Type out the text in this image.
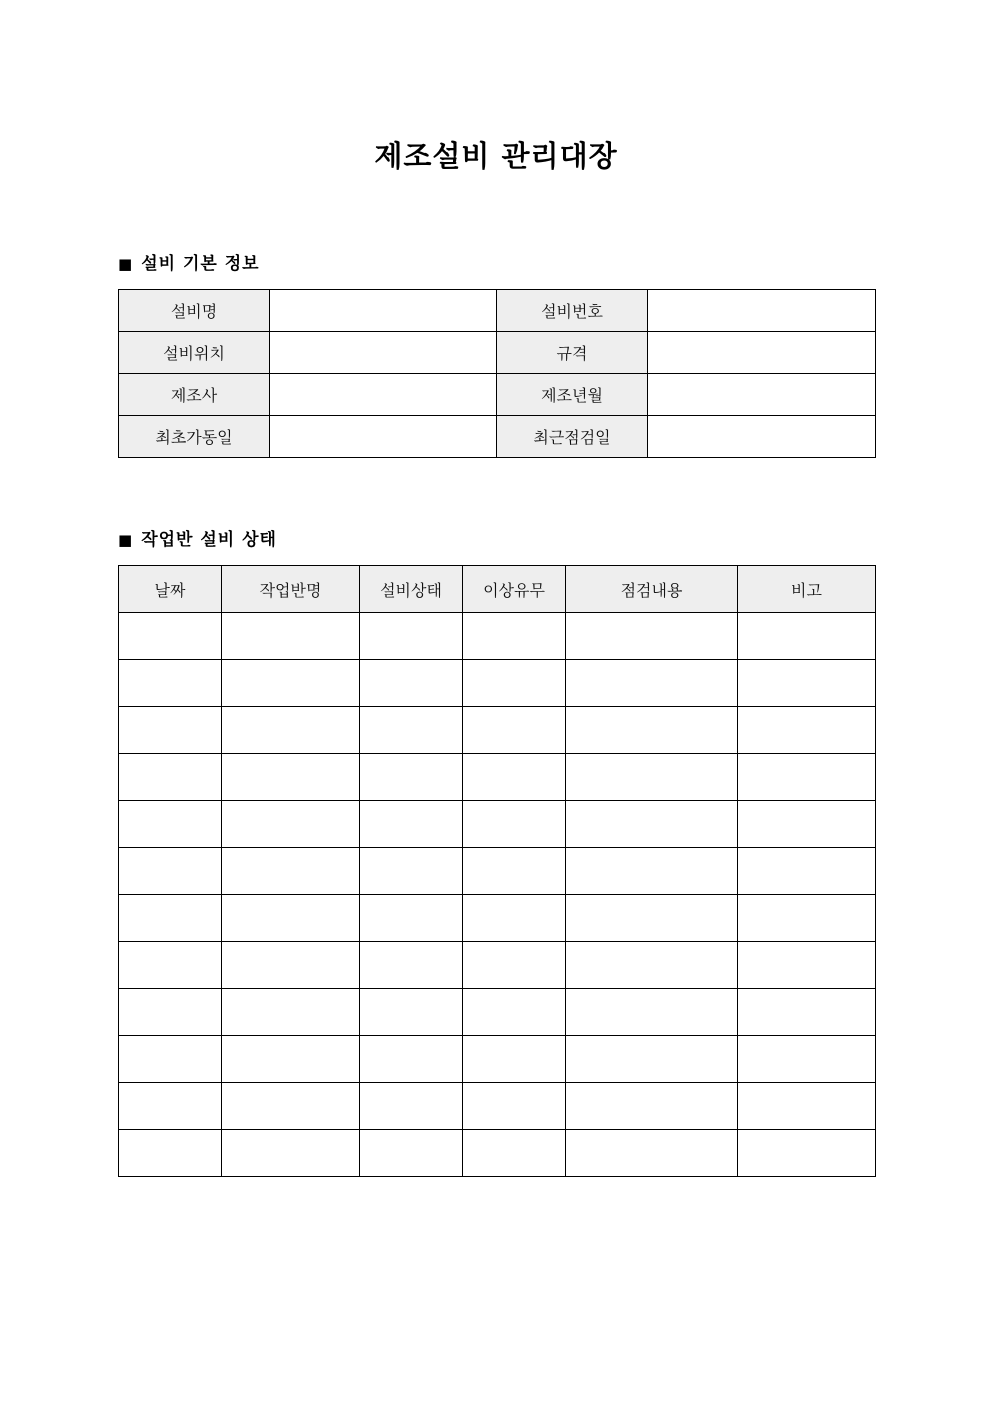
제조설비 관리대장
■ 설비 기본 정보
설비명		설비번호	
설비위치		규격	
제조사		제조년월	
최초가동일		최근점검일	
■ 작업반 설비 상태
날짜	작업반명	설비상태	이상유무	점검내용	비고
